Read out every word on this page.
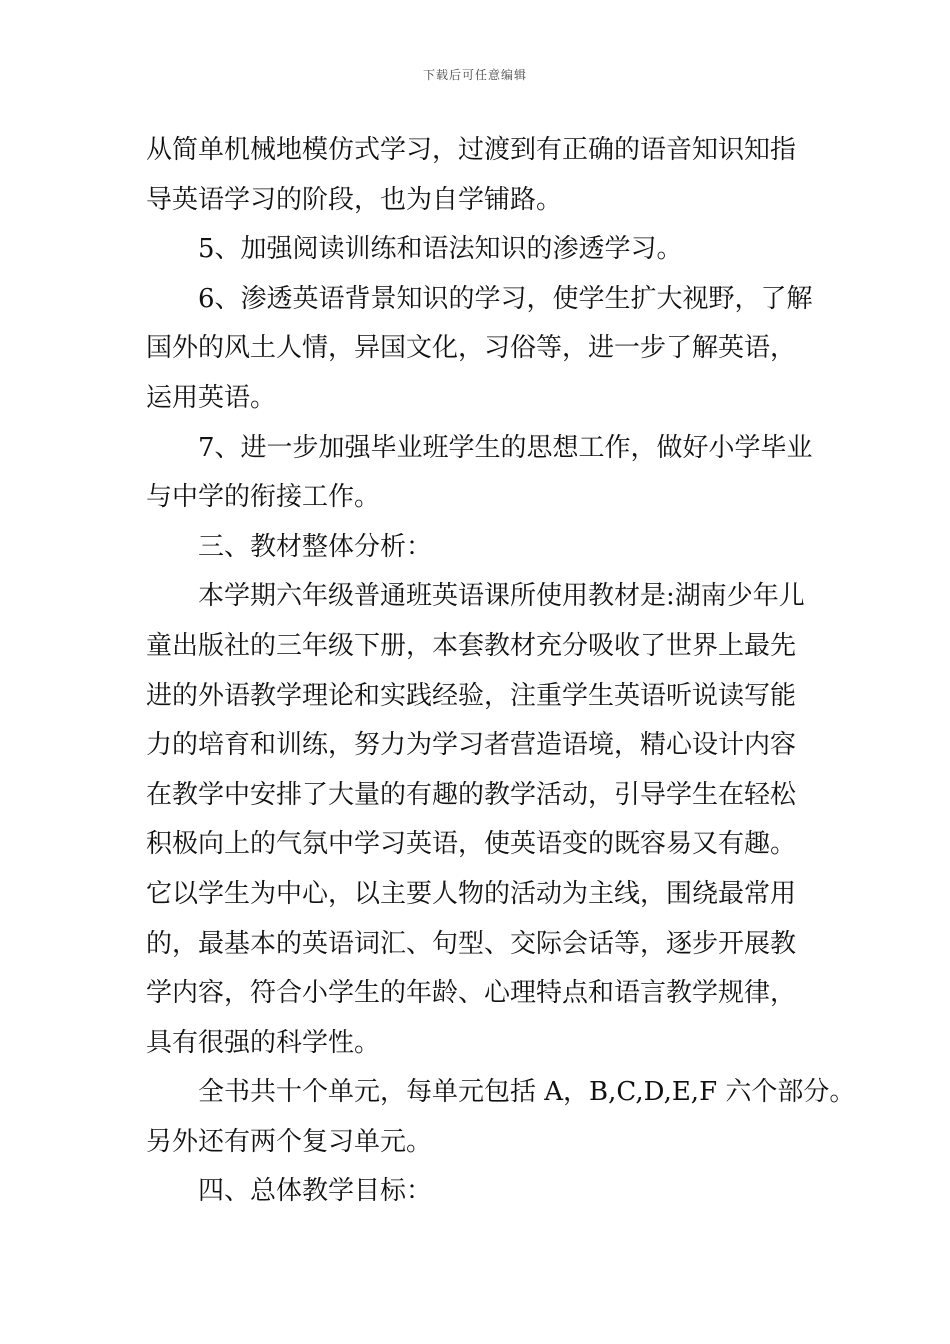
下载后可任意编辑
从简单机械地模仿式学习，过渡到有正确的语音知识知指
导英语学习的阶段，也为自学铺路。
5、加强阅读训练和语法知识的渗透学习。
6、渗透英语背景知识的学习，使学生扩大视野，了解
国外的风土人情，异国文化，习俗等，进一步了解英语，
运用英语。
7、进一步加强毕业班学生的思想工作，做好小学毕业
与中学的衔接工作。
三、教材整体分析：
本学期六年级普通班英语课所使用教材是:湖南少年儿
童出版社的三年级下册，本套教材充分吸收了世界上最先
进的外语教学理论和实践经验，注重学生英语听说读写能
力的培育和训练，努力为学习者营造语境，精心设计内容
在教学中安排了大量的有趣的教学活动，引导学生在轻松
积极向上的气氛中学习英语，使英语变的既容易又有趣。
它以学生为中心，以主要人物的活动为主线，围绕最常用
的，最基本的英语词汇、句型、交际会话等，逐步开展教
学内容，符合小学生的年龄、心理特点和语言教学规律，
具有很强的科学性。
全书共十个单元，每单元包括 A，B,C,D,E,F 六个部分。
另外还有两个复习单元。
四、总体教学目标：
